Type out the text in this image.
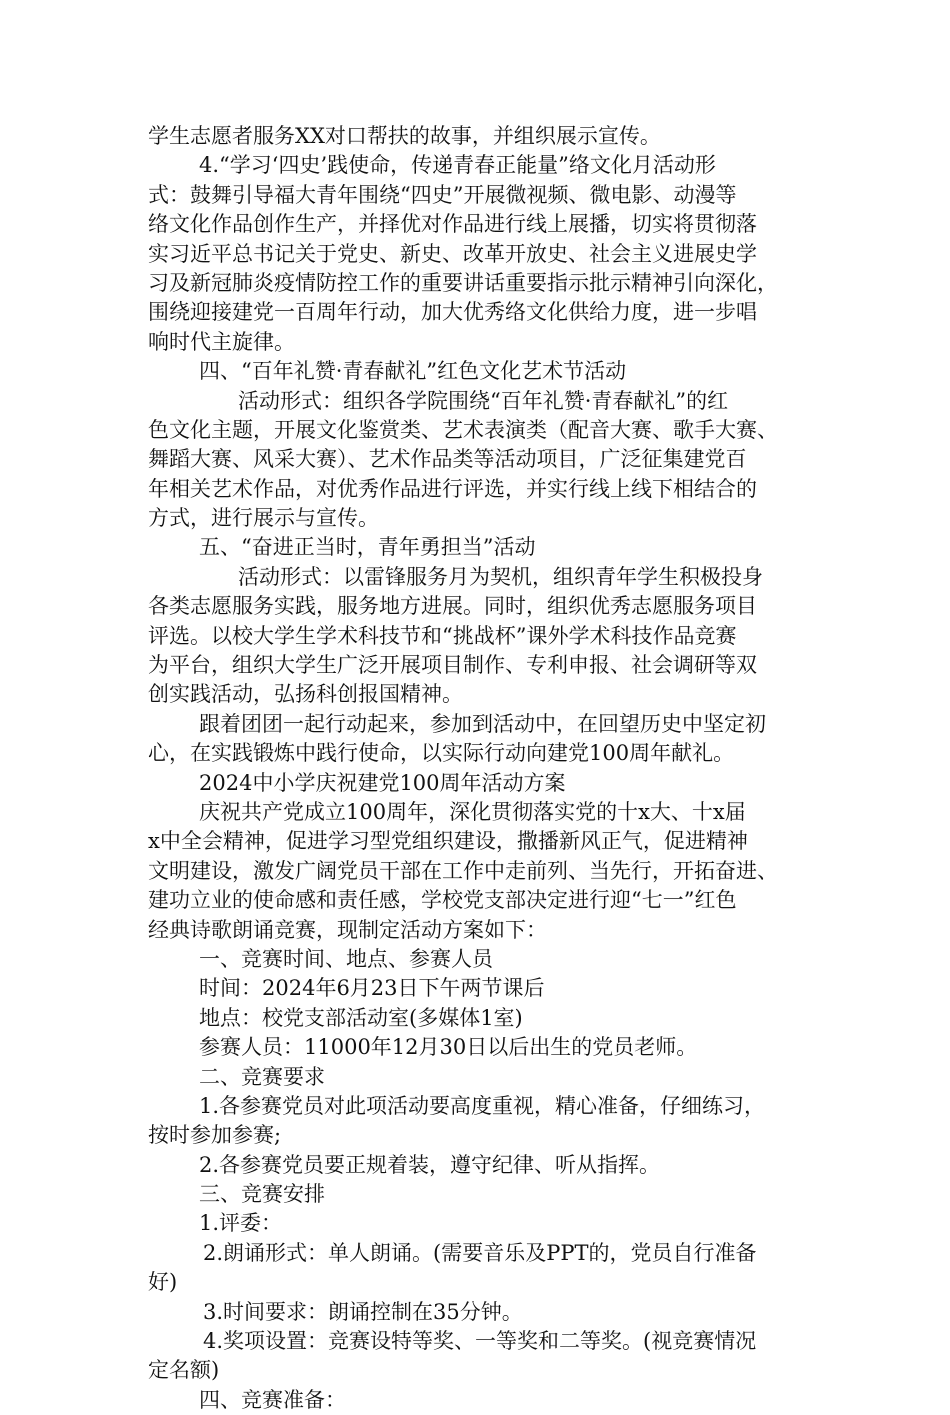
学生志愿者服务XX对口帮扶的故事，并组织展示宣传。
4.“学习‘四史’践使命，传递青春正能量”络文化月活动形
式：鼓舞引导福大青年围绕“四史”开展微视频、微电影、动漫等
络文化作品创作生产，并择优对作品进行线上展播，切实将贯彻落
实习近平总书记关于党史、新史、改革开放史、社会主义进展史学
习及新冠肺炎疫情防控工作的重要讲话重要指示批示精神引向深化，
围绕迎接建党一百周年行动，加大优秀络文化供给力度，进一步唱
响时代主旋律。
四、“百年礼赞·青春献礼”红色文化艺术节活动
活动形式：组织各学院围绕“百年礼赞·青春献礼”的红
色文化主题，开展文化鉴赏类、艺术表演类（配音大赛、歌手大赛、
舞蹈大赛、风采大赛）、艺术作品类等活动项目，广泛征集建党百
年相关艺术作品，对优秀作品进行评选，并实行线上线下相结合的
方式，进行展示与宣传。
五、“奋进正当时，青年勇担当”活动
活动形式：以雷锋服务月为契机，组织青年学生积极投身
各类志愿服务实践，服务地方进展。同时，组织优秀志愿服务项目
评选。以校大学生学术科技节和“挑战杯”课外学术科技作品竞赛
为平台，组织大学生广泛开展项目制作、专利申报、社会调研等双
创实践活动，弘扬科创报国精神。
跟着团团一起行动起来，参加到活动中，在回望历史中坚定初
心，在实践锻炼中践行使命，以实际行动向建党100周年献礼。
2024中小学庆祝建党100周年活动方案
庆祝共产党成立100周年，深化贯彻落实党的十x大、十x届
x中全会精神，促进学习型党组织建设，撒播新风正气，促进精神
文明建设，激发广阔党员干部在工作中走前列、当先行，开拓奋进、
建功立业的使命感和责任感，学校党支部决定进行迎“七一”红色
经典诗歌朗诵竞赛，现制定活动方案如下：
一、竞赛时间、地点、参赛人员
时间：2024年6月23日下午两节课后
地点：校党支部活动室(多媒体1室)
参赛人员：11000年12月30日以后出生的党员老师。
二、竞赛要求
1.各参赛党员对此项活动要高度重视，精心准备，仔细练习，
按时参加参赛;
2.各参赛党员要正规着装，遵守纪律、听从指挥。
三、竞赛安排
1.评委：
2.朗诵形式：单人朗诵。(需要音乐及PPT的，党员自行准备
好)
3.时间要求：朗诵控制在35分钟。
4.奖项设置：竞赛设特等奖、一等奖和二等奖。(视竞赛情况
定名额)
四、竞赛准备：
